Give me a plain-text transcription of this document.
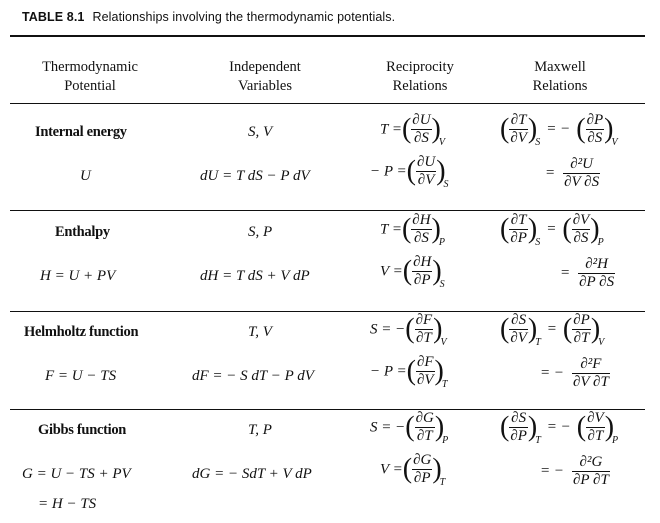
TABLE 8.1 Relationships involving the thermodynamic potentials.
Thermodynamic
Potential
Independent
Variables
Reciprocity
Relations
Maxwell
Relations
Internal energy
U
S, V
dU = T dS − P dV
T =( $\frac{\partial U}{\partial S} )_V$
− P =( $\frac{\partial U}{\partial V} )_S$
( $\frac{\partial T}{\partial V} )_S=$ − ( $\frac{\partial P}{\partial S} )_V$
= $\frac{\text{∂²U}}{\partial V \partial S}$
Enthalpy
H = U + PV
S, P
dH = T dS + V dP
T =( $\frac{\partial H}{\partial S} )_P$
V =( $\frac{\partial H}{\partial P} )_S$
( $\frac{\partial T}{\partial P} )_S=$ ( $\frac{\partial V}{\partial S} )_P$
= $\frac{\text{∂²H}}{\partial P \partial S}$
Helmholtz function
F = U − TS
T, V
dF = − S dT − P dV
S = −( $\frac{\partial F}{\partial T} )_V$
− P =( $\frac{\partial F}{\partial V} )_T$
( $\frac{\partial S}{\partial V} )_T=$ ( $\frac{\partial P}{\partial T} )_V$
= − $\frac{\text{∂²F}}{\partial V \partial T}$
Gibbs function
G = U − TS + PV
= H − TS
T, P
dG = − SdT + V dP
S = −( $\frac{\partial G}{\partial T} )_P$
V =( $\frac{\partial G}{\partial P} )_T$
( $\frac{\partial S}{\partial P} )_T=$ − ( $\frac{\partial V}{\partial T} )_P$
= − $\frac{\text{∂²G}}{\partial P \partial T}$
